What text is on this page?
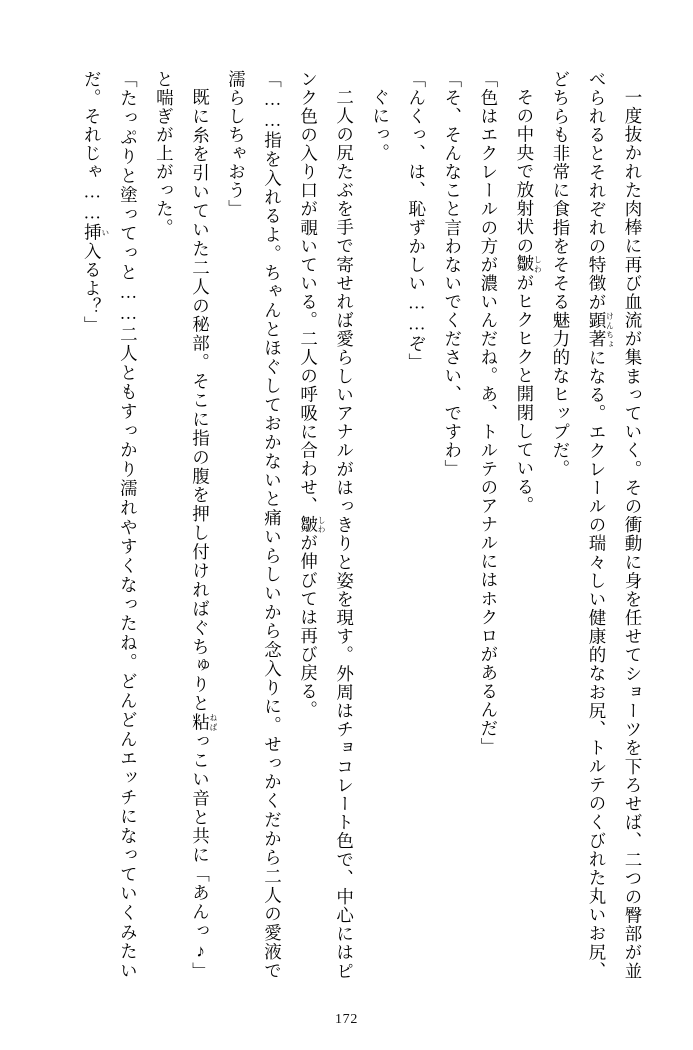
一度抜かれた肉棒に再び血流が集まっていく。その衝動に身を任せてショーツを下ろせば、二つの臀部が並べられるとそれぞれの特徴が顕著けんちょになる。エクレールの瑞々しい健康的なお尻、トルテのくびれた丸いお尻、どちらも非常に食指をそそる魅力的なヒップだ。

その中央で放射状の皺しわがヒクヒクと開閉している。

「色はエクレールの方が濃いんだね。あ、トルテのアナルにはホクロがあるんだ」

「そ、そんなこと言わないでください、ですわ」

「んくっ、は、恥ずかしい……ぞ」

ぐにっ。

二人の尻たぶを手で寄せれば愛らしいアナルがはっきりと姿を現す。外周はチョコレート色で、中心にはピンク色の入り口が覗いている。二人の呼吸に合わせ、皺しわが伸びては再び戻る。

「……指を入れるよ。ちゃんとほぐしておかないと痛いらしいから念入りに。せっかくだから二人の愛液で濡らしちゃおう」

既に糸を引いていた二人の秘部。そこに指の腹を押し付ければぐちゅりと粘ねばっこい音と共に「あんっ♪」と喘ぎが上がった。

「たっぷりと塗ってっと……二人ともすっかり濡れやすくなったね。どんどんエッチになっていくみたいだ。それじゃ……挿い入るよ？」

172
